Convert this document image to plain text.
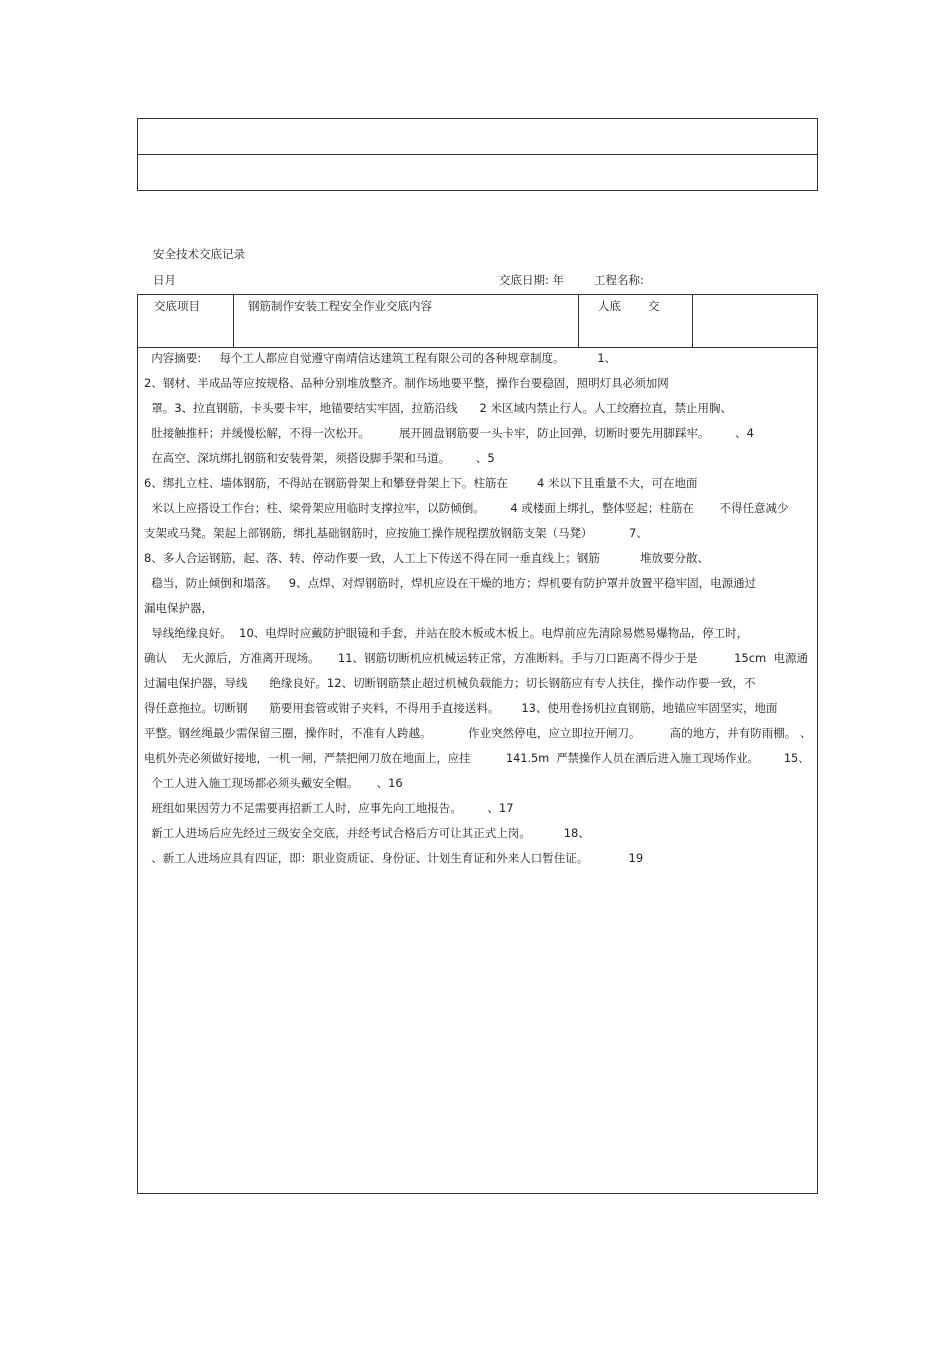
安全技术交底记录
日月	交底日期: 年	工程名称:
交底项目	钢筋制作安装工程安全作业交底内容	人底 交
内容摘要:     每个工人都应自觉遵守南靖信达建筑工程有限公司的各种规章制度。         1、
2、钢材、半成品等应按规格、品种分别堆放整齐。制作场地要平整，操作台要稳固，照明灯具必须加网
罩。3、拉直钢筋，卡头要卡牢，地锚要结实牢固，拉筋沿线      2 米区域内禁止行人。人工绞磨拉直，禁止用胸、
肚接触推杆；并缓慢松解，不得一次松开。        展开圆盘钢筋要一头卡牢，防止回弹，切断时要先用脚踩牢。       、4
在高空、深坑绑扎钢筋和安装骨架，须搭设脚手架和马道。       、5
6、绑扎立柱、墙体钢筋，不得站在钢筋骨架上和攀登骨架上下。柱筋在        4 米以下且重量不大，可在地面
米以上应搭设工作台；柱、梁骨架应用临时支撑拉牢，以防倾倒。       4 或楼面上绑扎，整体竖起；柱筋在       不得任意减少
支架或马凳。架起上部钢筋，绑扎基础钢筋时，应按施工操作规程摆放钢筋支架（马凳）          7、
8、多人合运钢筋，起、落、转、停动作要一致，人工上下传送不得在同一垂直线上；钢筋           堆放要分散、
稳当，防止倾倒和塌落。   9、点焊、对焊钢筋时，焊机应设在干燥的地方；焊机要有防护罩并放置平稳牢固，电源通过
漏电保护器，
导线绝缘良好。  10、电焊时应戴防护眼镜和手套，并站在胶木板或木板上。电焊前应先清除易燃易爆物品，停工时，
确认    无火源后，方准离开现场。     11、钢筋切断机应机械运转正常，方准断料。手与刀口距离不得少于是          15cm  电源通
过漏电保护器，导线      绝缘良好。12、切断钢筋禁止超过机械负载能力；切长钢筋应有专人扶住，操作动作要一致，不
得任意拖拉。切断钢      筋要用套管或钳子夹料，不得用手直接送料。      13、使用卷扬机拉直钢筋，地锚应牢固坚实，地面
平整。钢丝绳最少需保留三圈，操作时，不准有人跨越。          作业突然停电，应立即拉开闸刀。        高的地方，并有防雨棚。 、
电机外壳必须做好接地，一机一闸，严禁把闸刀放在地面上，应挂          141.5m  严禁操作人员在酒后进入施工现场作业。       15、
个工人进入施工现场都必须头戴安全帽。     、16
班组如果因劳力不足需要再招新工人时，应事先向工地报告。       、17
新工人进场后应先经过三级安全交底，并经考试合格后方可让其正式上岗。         18、
、新工人进场应具有四证，即：职业资质证、身份证、计划生育证和外来人口暂住证。           19
